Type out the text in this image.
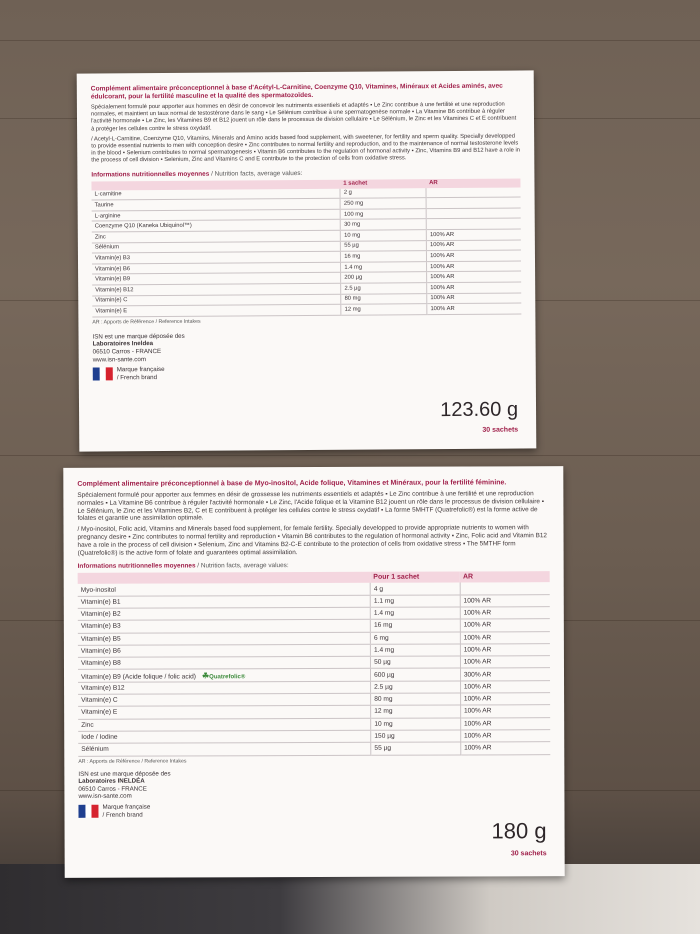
Complément alimentaire préconceptionnel à base d'Acétyl-L-Carnitine, Coenzyme Q10, Vitamines, Minéraux et Acides aminés, avec édulcorant, pour la fertilité masculine et la qualité des spermatozoïdes.
Spécialement formulé pour apporter aux hommes en désir de concevoir les nutriments essentiels et adaptés ▪ Le Zinc contribue à une fertilité et une reproduction normales, et maintient un taux normal de testostérone dans le sang ▪ Le Sélénium contribue à une spermatogenèse normale ▪ La Vitamine B6 contribue à réguler l'activité hormonale ▪ Le Zinc, les Vitamines B9 et B12 jouent un rôle dans le processus de division cellulaire ▪ Le Sélénium, le Zinc et les Vitamines C et E contribuent à protéger les cellules contre le stress oxydatif.
/ Acetyl-L-Carnitine, Coenzyme Q10, Vitamins, Minerals and Amino acids based food supplement, with sweetener, for fertility and sperm quality. Specially developped to provide essential nutrients to men with conception desire ▪ Zinc contributes to normal fertility and reproduction, and to the maintenance of normal testosterone levels in the blood ▪ Selenium contributes to normal spermatogenesis ▪ Vitamin B6 contributes to the regulation of hormonal activity ▪ Zinc, Vitamins B9 and B12 have a role in the process of cell division ▪ Selenium, Zinc and Vitamins C and E contribute to the protection of cells from oxidative stress.
Informations nutritionnelles moyennes / Nutrition facts, average values:
	1 sachet	AR
L-carnitine	2 g	
Taurine	250 mg	
L-arginine	100 mg	
Coenzyme Q10 (Kaneka Ubiquinol™)	30 mg	
Zinc	10 mg	100% AR
Sélénium	55 µg	100% AR
Vitamin(e) B3	16 mg	100% AR
Vitamin(e) B6	1.4 mg	100% AR
Vitamin(e) B9	200 µg	100% AR
Vitamin(e) B12	2.5 µg	100% AR
Vitamin(e) C	80 mg	100% AR
Vitamin(e) E	12 mg	100% AR
AR : Apports de Référence / Reference Intakes
ISN est une marque déposée des
Laboratoires Ineldea
06510 Carros - FRANCE
www.isn-sante.com
Marque française
/ French brand
123.60 g
30 sachets
Complément alimentaire préconceptionnel à base de Myo-inositol, Acide folique, Vitamines et Minéraux, pour la fertilité féminine.
Spécialement formulé pour apporter aux femmes en désir de grossesse les nutriments essentiels et adaptés ▪ Le Zinc contribue à une fertilité et une reproduction normales ▪ La Vitamine B6 contribue à réguler l'activité hormonale ▪ Le Zinc, l'Acide folique et la Vitamine B12 jouent un rôle dans le processus de division cellulaire ▪ Le Sélénium, le Zinc et les Vitamines B2, C et E contribuent à protéger les cellules contre le stress oxydatif ▪ La forme 5MHTF (Quatrefolic®) est la forme active de folates et garantie une assimilation optimale.
/ Myo-inositol, Folic acid, Vitamins and Minerals based food supplement, for female fertility. Specially developped to provide appropriate nutrients to women with pregnancy desire ▪ Zinc contributes to normal fertility and reproduction ▪ Vitamin B6 contributes to the regulation of hormonal activity ▪ Zinc, Folic acid and Vitamin B12 have a role in the process of cell division ▪ Selenium, Zinc and Vitamins B2-C-E contribute to the protection of cells from oxidative stress ▪ The 5MTHF form (Quatrefolic®) is the active form of folate and guarantees optimal assimilation.
Informations nutritionnelles moyennes / Nutrition facts, average values:
	Pour 1 sachet	AR
Myo-inositol	4 g	
Vitamin(e) B1	1.1 mg	100% AR
Vitamin(e) B2	1.4 mg	100% AR
Vitamin(e) B3	16 mg	100% AR
Vitamin(e) B5	6 mg	100% AR
Vitamin(e) B6	1.4 mg	100% AR
Vitamin(e) B8	50 µg	100% AR
Vitamin(e) B9 (Acide folique / folic acid) ☘Quatrefolic®	600 µg	300% AR
Vitamin(e) B12	2.5 µg	100% AR
Vitamin(e) C	80 mg	100% AR
Vitamin(e) E	12 mg	100% AR
Zinc	10 mg	100% AR
Iode / Iodine	150 µg	100% AR
Sélénium	55 µg	100% AR
AR : Apports de Référence / Reference Intakes
ISN est une marque déposée des
Laboratoires INELDÉA
06510 Carros - FRANCE
www.isn-sante.com
Marque française
/ French brand
180 g
30 sachets
